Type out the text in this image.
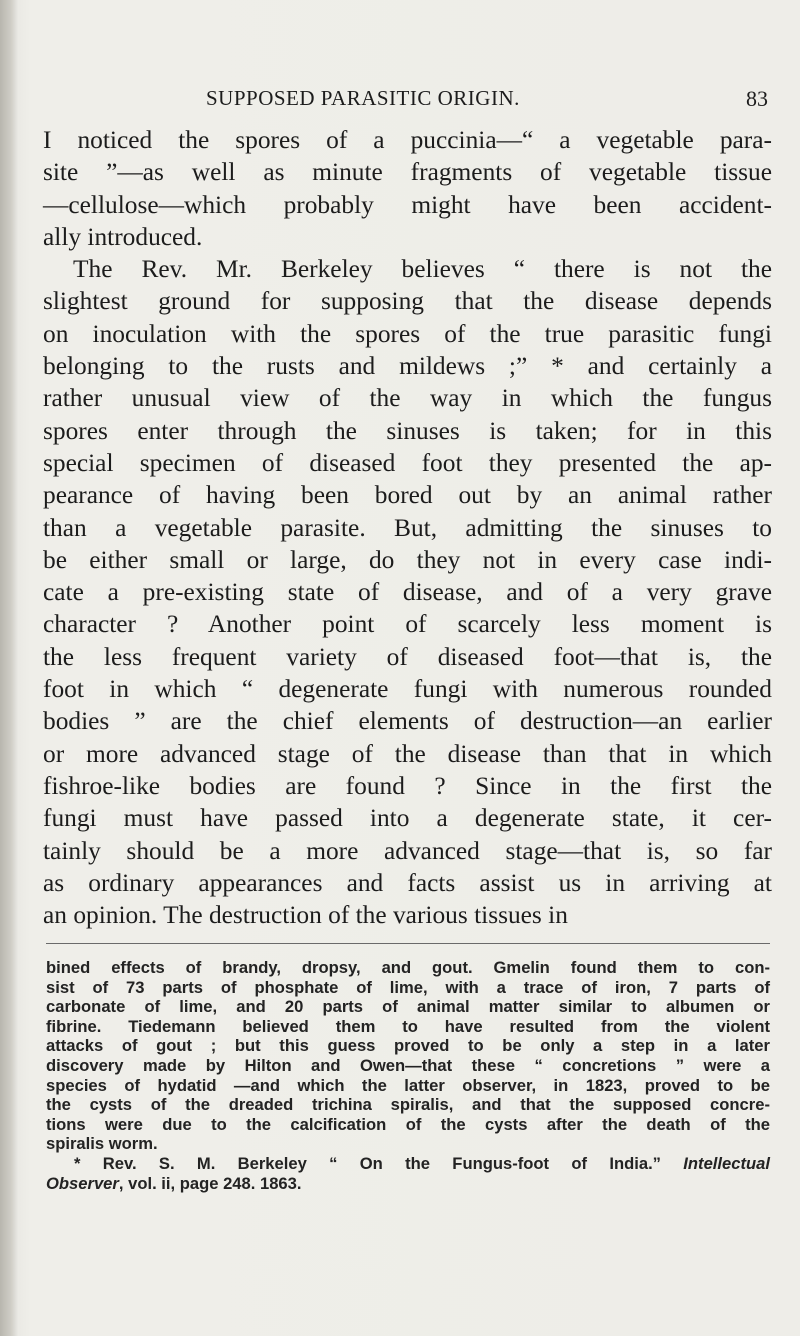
SUPPOSED PARASITIC ORIGIN.	83
I noticed the spores of a puccinia—“ a vegetable para-
site ”—as well as minute fragments of vegetable tissue
—cellulose—which probably might have been accident-
ally introduced.
The Rev. Mr. Berkeley believes “ there is not the
slightest ground for supposing that the disease depends
on inoculation with the spores of the true parasitic fungi
belonging to the rusts and mildews ;” * and certainly a
rather unusual view of the way in which the fungus
spores enter through the sinuses is taken; for in this
special specimen of diseased foot they presented the ap-
pearance of having been bored out by an animal rather
than a vegetable parasite. But, admitting the sinuses to
be either small or large, do they not in every case indi-
cate a pre-existing state of disease, and of a very grave
character ? Another point of scarcely less moment is
the less frequent variety of diseased foot—that is, the
foot in which “ degenerate fungi with numerous rounded
bodies ” are the chief elements of destruction—an earlier
or more advanced stage of the disease than that in which
fishroe-like bodies are found ? Since in the first the
fungi must have passed into a degenerate state, it cer-
tainly should be a more advanced stage—that is, so far
as ordinary appearances and facts assist us in arriving at
an opinion. The destruction of the various tissues in
bined effects of brandy, dropsy, and gout. Gmelin found them to con-
sist of 73 parts of phosphate of lime, with a trace of iron, 7 parts of
carbonate of lime, and 20 parts of animal matter similar to albumen or
fibrine. Tiedemann believed them to have resulted from the violent
attacks of gout ; but this guess proved to be only a step in a later
discovery made by Hilton and Owen—that these “ concretions ” were a
species of hydatid —and which the latter observer, in 1823, proved to be
the cysts of the dreaded trichina spiralis, and that the supposed concre-
tions were due to the calcification of the cysts after the death of the
spiralis worm.
* Rev. S. M. Berkeley “ On the Fungus-foot of India.” Intellectual
Observer, vol. ii, page 248. 1863.
